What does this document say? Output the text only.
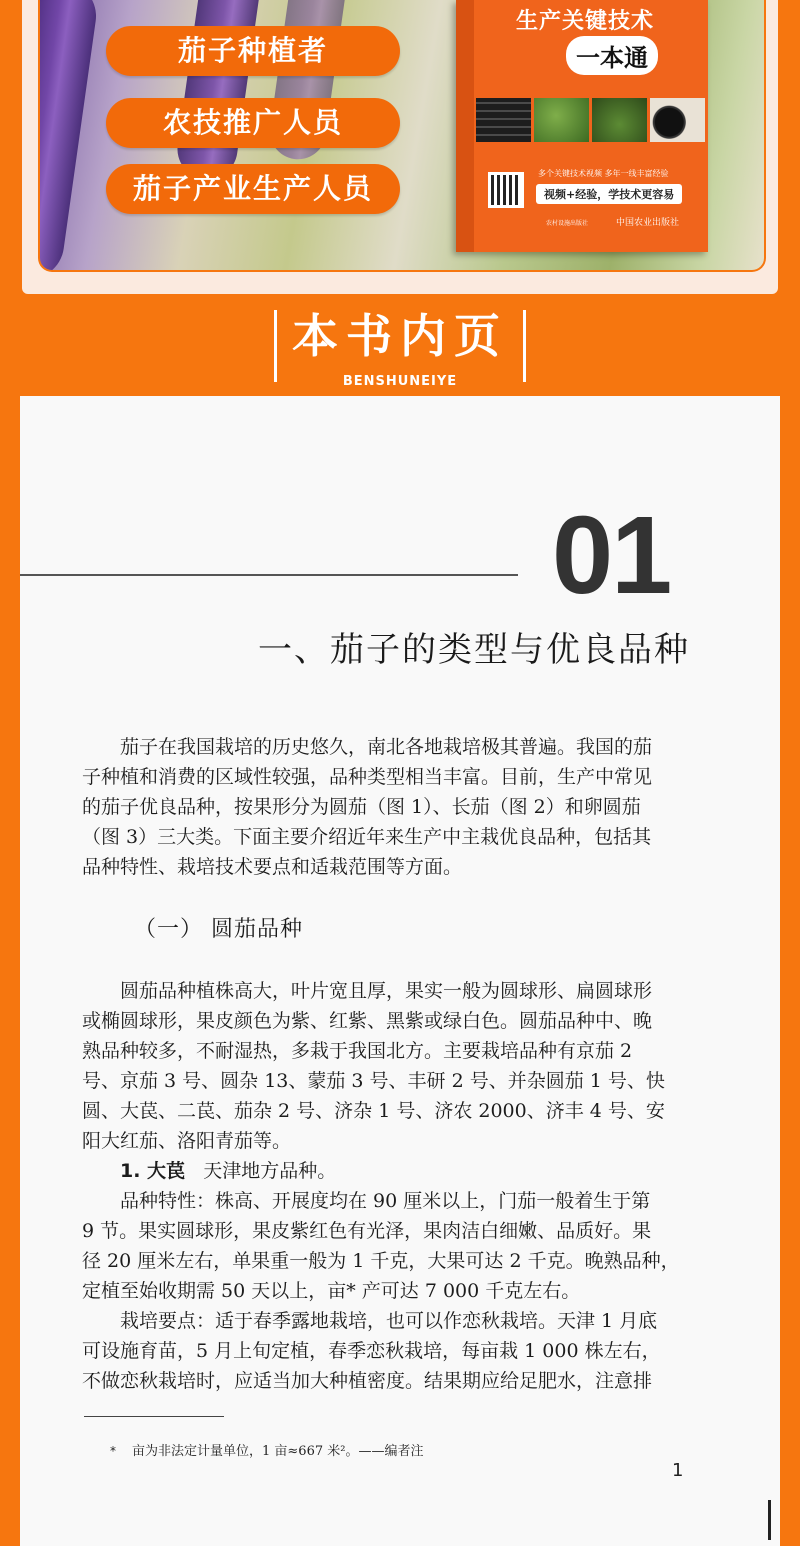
茄子种植者
农技推广人员
茄子产业生产人员
生产关键技术
一本通
多个关键技术视频 多年一线丰富经验
视频+经验，学技术更容易
农村设施出版社	中国农业出版社
本书内页
BENSHUNEIYE
01
一、茄子的类型与优良品种
茄子在我国栽培的历史悠久，南北各地栽培极其普遍。我国的茄
子种植和消费的区域性较强，品种类型相当丰富。目前，生产中常见
的茄子优良品种，按果形分为圆茄（图 1）、长茄（图 2）和卵圆茄
（图 3）三大类。下面主要介绍近年来生产中主栽优良品种，包括其
品种特性、栽培技术要点和适栽范围等方面。
（一） 圆茄品种
圆茄品种植株高大，叶片宽且厚，果实一般为圆球形、扁圆球形
或椭圆球形，果皮颜色为紫、红紫、黑紫或绿白色。圆茄品种中、晚
熟品种较多，不耐湿热，多栽于我国北方。主要栽培品种有京茄 2
号、京茄 3 号、圆杂 13、蒙茄 3 号、丰研 2 号、并杂圆茄 1 号、快
圆、大苠、二苠、茄杂 2 号、济杂 1 号、济农 2000、济丰 4 号、安
阳大红茄、洛阳青茄等。
1. 大苠 天津地方品种。
品种特性：株高、开展度均在 90 厘米以上，门茄一般着生于第
9 节。果实圆球形，果皮紫红色有光泽，果肉洁白细嫩、品质好。果
径 20 厘米左右，单果重一般为 1 千克，大果可达 2 千克。晚熟品种，
定植至始收期需 50 天以上，亩* 产可达 7 000 千克左右。
栽培要点：适于春季露地栽培，也可以作恋秋栽培。天津 1 月底
可设施育苗，5 月上旬定植，春季恋秋栽培，每亩栽 1 000 株左右，
不做恋秋栽培时，应适当加大种植密度。结果期应给足肥水，注意排
* 亩为非法定计量单位，1 亩≈667 米²。——编者注
1
